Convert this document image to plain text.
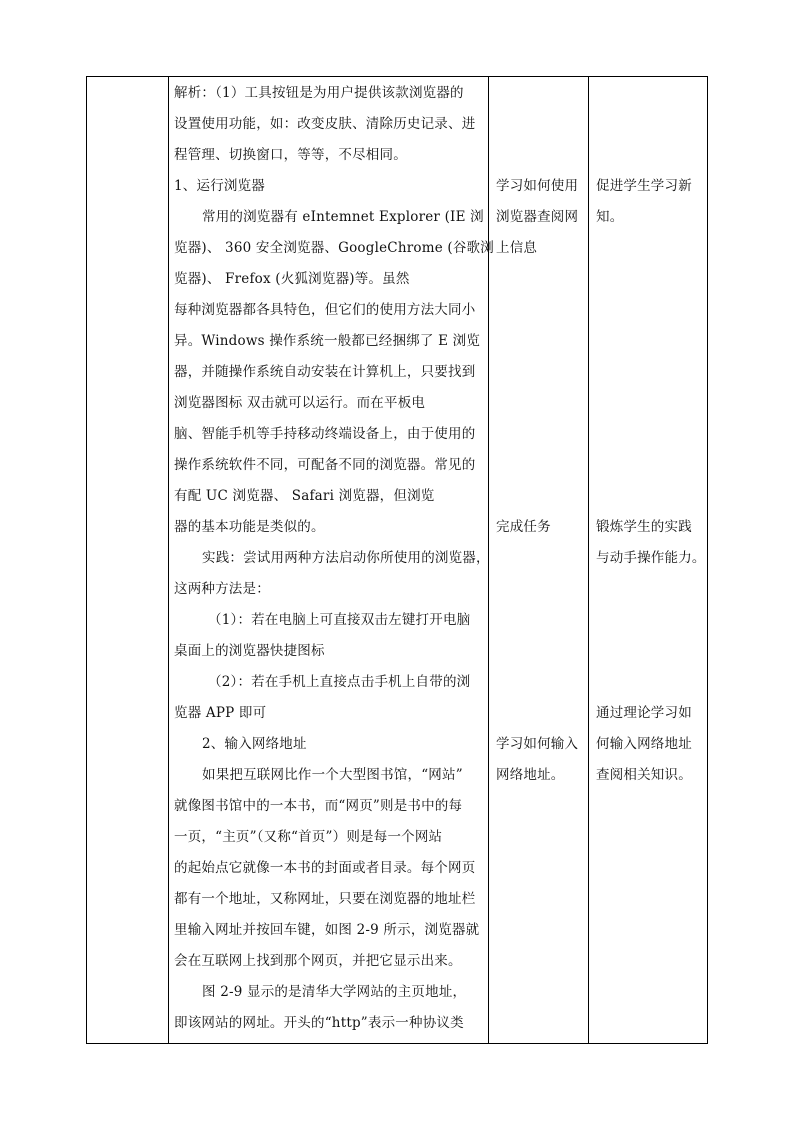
解析：（1）工具按钮是为用户提供该款浏览器的
设置使用功能，如：改变皮肤、清除历史记录、进
程管理、切换窗口，等等，不尽相同。
1、运行浏览器
常用的浏览器有 eIntemnet Explorer (IE 浏
览器)、 360 安全浏览器、GoogleChrome (谷歌浏
览器)、 Frefox (火狐浏览器)等。虽然
每种浏览器都各具特色，但它们的使用方法大同小
异。Windows 操作系统一般都已经捆绑了 E 浏览
器，并随操作系统自动安装在计算机上，只要找到
浏览器图标 双击就可以运行。而在平板电
脑、智能手机等手持移动终端设备上，由于使用的
操作系统软件不同，可配备不同的浏览器。常见的
有配 UC 浏览器、 Safari 浏览器，但浏览
器的基本功能是类似的。
实践：尝试用两种方法启动你所使用的浏览器，
这两种方法是：
（1）：若在电脑上可直接双击左键打开电脑
桌面上的浏览器快捷图标
（2）：若在手机上直接点击手机上自带的浏
览器 APP 即可
2、输入网络地址
如果把互联网比作一个大型图书馆，“网站”
就像图书馆中的一本书，而“网页”则是书中的每
一页，“主页”（又称“首页”）则是每一个网站
的起始点它就像一本书的封面或者目录。每个网页
都有一个地址，又称网址，只要在浏览器的地址栏
里输入网址并按回车键，如图 2-9 所示，浏览器就
会在互联网上找到那个网页，并把它显示出来。
图 2-9 显示的是清华大学网站的主页地址，
即该网站的网址。开头的“http”表示一种协议类
学习如何使用
浏览器查阅网
上信息
完成任务
学习如何输入
网络地址。
促进学生学习新
知。
锻炼学生的实践
与动手操作能力。
通过理论学习如
何输入网络地址
查阅相关知识。
